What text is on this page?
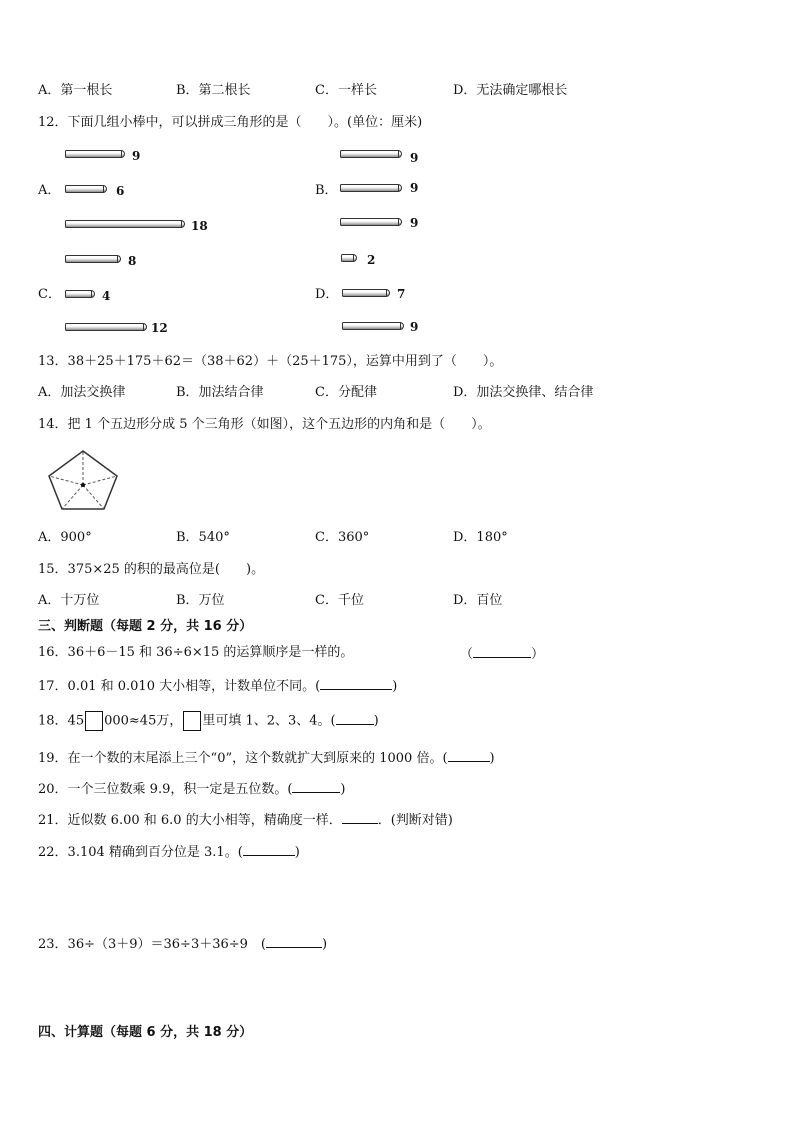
A．第一根长	B．第二根长	C．一样长	D．无法确定哪根长
12．下面几组小棒中，可以拼成三角形的是（　　）。(单位：厘米)
9
A．	6
18
9
B．	9
9
8
C．	4
12
2
D．	7
9
13．38＋25＋175＋62＝（38＋62）＋（25＋175），运算中用到了（　　）。
A．加法交换律	B．加法结合律	C．分配律	D．加法交换律、结合律
14．把 1 个五边形分成 5 个三角形（如图），这个五边形的内角和是（　　）。
A．900°	B．540°	C．360°	D．180°
15．375×25 的积的最高位是(　　)。
A．十万位	B．万位	C．千位	D．百位
三、判断题（每题 2 分，共 16 分）
16．36＋6－15 和 36÷6×15 的运算顺序是一样的。	（	）
17．0.01 和 0.010 大小相等，计数单位不同。(	)
18．45 000≈45万， 里可填 1、2、3、4。(	)
19．在一个数的末尾添上三个“0”，这个数就扩大到原来的 1000 倍。(	)
20．一个三位数乘 9.9，积一定是五位数。(	)
21．近似数 6.00 和 6.0 的大小相等，精确度一样．	．(判断对错)
22．3.104 精确到百分位是 3.1。(	)
23．36÷（3＋9）＝36÷3＋36÷9　(	)
四、计算题（每题 6 分，共 18 分）
